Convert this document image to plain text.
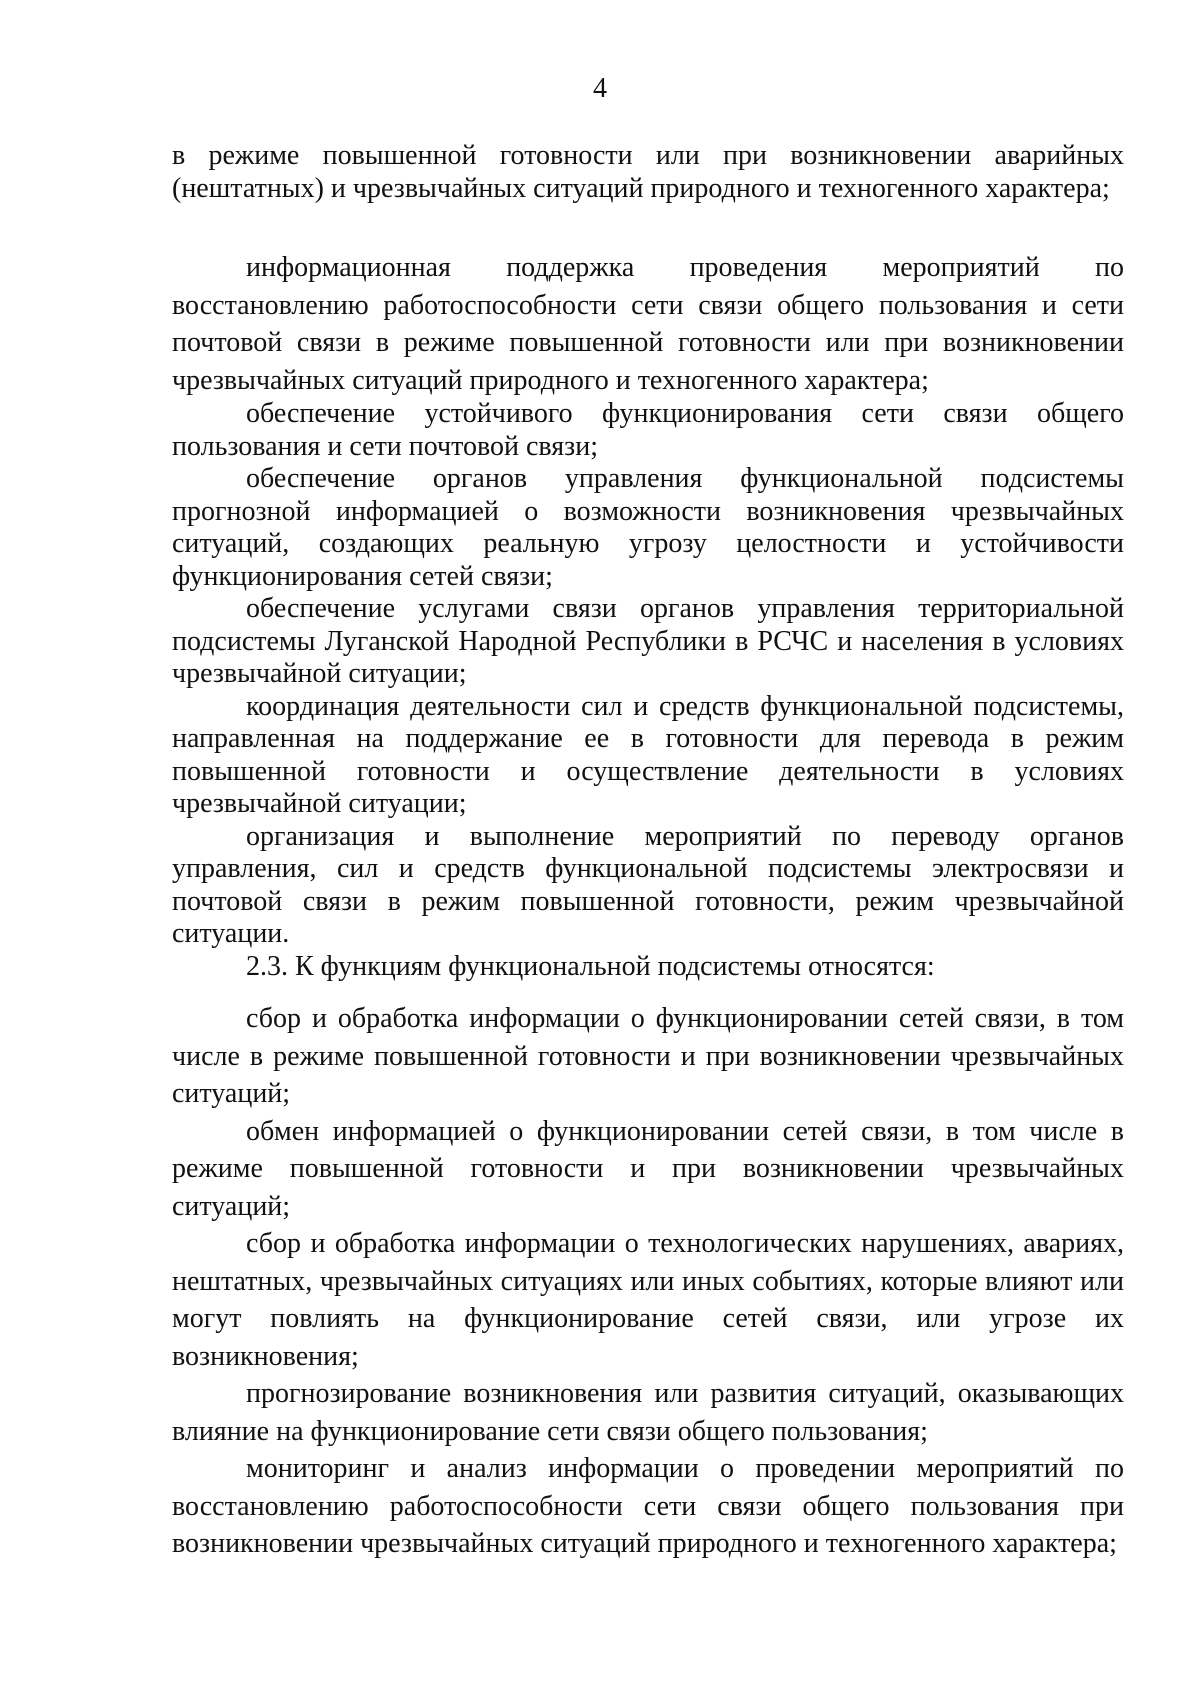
4

в режиме повышенной готовности или при возникновении аварийных (нештатных) и чрезвычайных ситуаций природного и техногенного характера;

информационная поддержка проведения мероприятий по восстановлению работоспособности сети связи общего пользования и сети почтовой связи в режиме повышенной готовности или при возникновении чрезвычайных ситуаций природного и техногенного характера;

обеспечение устойчивого функционирования сети связи общего пользования и сети почтовой связи;

обеспечение органов управления функциональной подсистемы прогнозной информацией о возможности возникновения чрезвычайных ситуаций, создающих реальную угрозу целостности и устойчивости функционирования сетей связи;

обеспечение услугами связи органов управления территориальной подсистемы Луганской Народной Республики в РСЧС и населения в условиях чрезвычайной ситуации;

координация деятельности сил и средств функциональной подсистемы, направленная на поддержание ее в готовности для перевода в режим повышенной готовности и осуществление деятельности в условиях чрезвычайной ситуации;

организация и выполнение мероприятий по переводу органов управления, сил и средств функциональной подсистемы электросвязи и почтовой связи в режим повышенной готовности, режим чрезвычайной ситуации.

2.3. К функциям функциональной подсистемы относятся:

сбор и обработка информации о функционировании сетей связи, в том числе в режиме повышенной готовности и при возникновении чрезвычайных ситуаций;

обмен информацией о функционировании сетей связи, в том числе в режиме повышенной готовности и при возникновении чрезвычайных ситуаций;

сбор и обработка информации о технологических нарушениях, авариях, нештатных, чрезвычайных ситуациях или иных событиях, которые влияют или могут повлиять на функционирование сетей связи, или угрозе их возникновения;

прогнозирование возникновения или развития ситуаций, оказывающих влияние на функционирование сети связи общего пользования;

мониторинг и анализ информации о проведении мероприятий по восстановлению работоспособности сети связи общего пользования при возникновении чрезвычайных ситуаций природного и техногенного характера;
